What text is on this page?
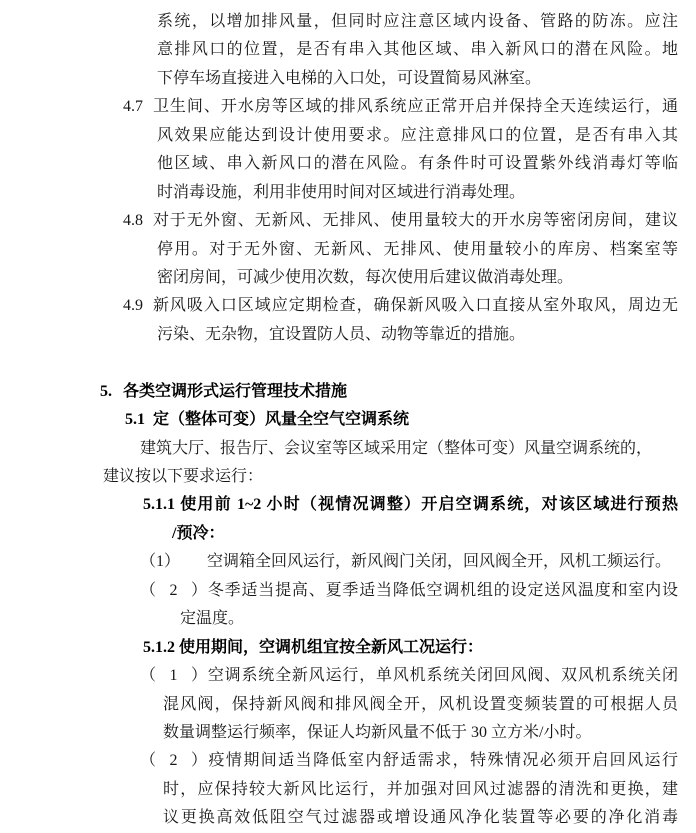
系统，以增加排风量，但同时应注意区域内设备、管路的防冻。应注
意排风口的位置，是否有串入其他区域、串入新风口的潜在风险。地
下停车场直接进入电梯的入口处，可设置简易风淋室。
4.7 卫生间、开水房等区域的排风系统应正常开启并保持全天连续运行，通
风效果应能达到设计使用要求。应注意排风口的位置，是否有串入其
他区域、串入新风口的潜在风险。有条件时可设置紫外线消毒灯等临
时消毒设施，利用非使用时间对区域进行消毒处理。
4.8 对于无外窗、无新风、无排风、使用量较大的开水房等密闭房间，建议
停用。对于无外窗、无新风、无排风、使用量较小的库房、档案室等
密闭房间，可减少使用次数，每次使用后建议做消毒处理。
4.9 新风吸入口区域应定期检查，确保新风吸入口直接从室外取风，周边无
污染、无杂物，宜设置防人员、动物等靠近的措施。
5. 各类空调形式运行管理技术措施
5.1 定（整体可变）风量全空气空调系统
建筑大厅、报告厅、会议室等区域采用定（整体可变）风量空调系统的，
建议按以下要求运行：
5.1.1 使用前 1~2 小时（视情况调整）开启空调系统，对该区域进行预热
/预冷：
（1） 空调箱全回风运行，新风阀门关闭，回风阀全开，风机工频运行。
（2）冬季适当提高、夏季适当降低空调机组的设定送风温度和室内设
定温度。
5.1.2 使用期间，空调机组宜按全新风工况运行：
（1）空调系统全新风运行，单风机系统关闭回风阀、双风机系统关闭
混风阀，保持新风阀和排风阀全开，风机设置变频装置的可根据人员
数量调整运行频率，保证人均新风量不低于 30 立方米/小时。
（2）疫情期间适当降低室内舒适需求，特殊情况必须开启回风运行
时，应保持较大新风比运行，并加强对回风过滤器的清洗和更换，建
议更换高效低阻空气过滤器或增设通风净化装置等必要的净化消毒
